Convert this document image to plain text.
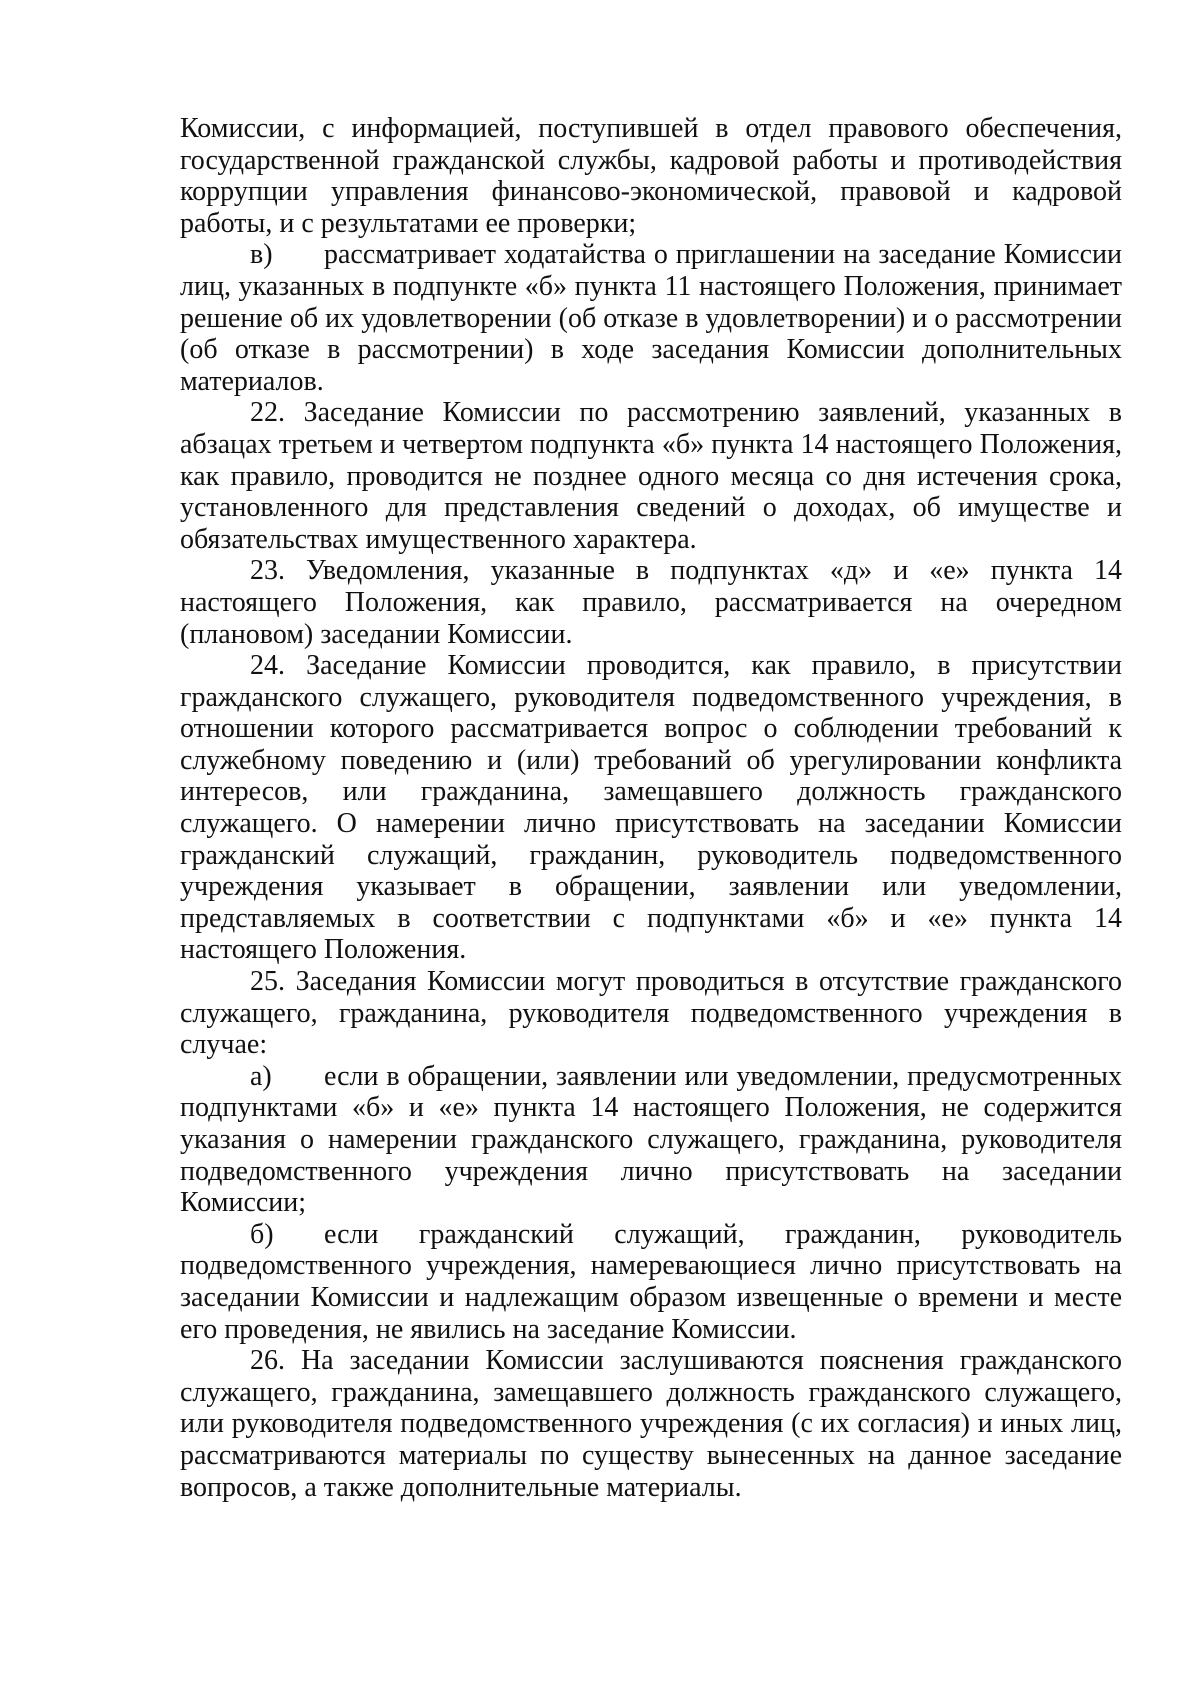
Комиссии, с информацией, поступившей в отдел правового обеспечения, государственной гражданской службы, кадровой работы и противодействия коррупции управления финансово-экономической, правовой и кадровой работы, и с результатами ее проверки;

в) рассматривает ходатайства о приглашении на заседание Комиссии лиц, указанных в подпункте «б» пункта 11 настоящего Положения, принимает решение об их удовлетворении (об отказе в удовлетворении) и о рассмотрении (об отказе в рассмотрении) в ходе заседания Комиссии дополнительных материалов.

22. Заседание Комиссии по рассмотрению заявлений, указанных в абзацах третьем и четвертом подпункта «б» пункта 14 настоящего Положения, как правило, проводится не позднее одного месяца со дня истечения срока, установленного для представления сведений о доходах, об имуществе и обязательствах имущественного характера.

23. Уведомления, указанные в подпунктах «д» и «е» пункта 14 настоящего Положения, как правило, рассматривается на очередном (плановом) заседании Комиссии.

24. Заседание Комиссии проводится, как правило, в присутствии гражданского служащего, руководителя подведомственного учреждения, в отношении которого рассматривается вопрос о соблюдении требований к служебному поведению и (или) требований об урегулировании конфликта интересов, или гражданина, замещавшего должность гражданского служащего. О намерении лично присутствовать на заседании Комиссии гражданский служащий, гражданин, руководитель подведомственного учреждения указывает в обращении, заявлении или уведомлении, представляемых в соответствии с подпунктами «б» и «е» пункта 14 настоящего Положения.

25. Заседания Комиссии могут проводиться в отсутствие гражданского служащего, гражданина, руководителя подведомственного учреждения в случае:

а) если в обращении, заявлении или уведомлении, предусмотренных подпунктами «б» и «е» пункта 14 настоящего Положения, не содержится указания о намерении гражданского служащего, гражданина, руководителя подведомственного учреждения лично присутствовать на заседании Комиссии;

б) если гражданский служащий, гражданин, руководитель подведомственного учреждения, намеревающиеся лично присутствовать на заседании Комиссии и надлежащим образом извещенные о времени и месте его проведения, не явились на заседание Комиссии.

26. На заседании Комиссии заслушиваются пояснения гражданского служащего, гражданина, замещавшего должность гражданского служащего, или руководителя подведомственного учреждения (с их согласия) и иных лиц, рассматриваются материалы по существу вынесенных на данное заседание вопросов, а также дополнительные материалы.
